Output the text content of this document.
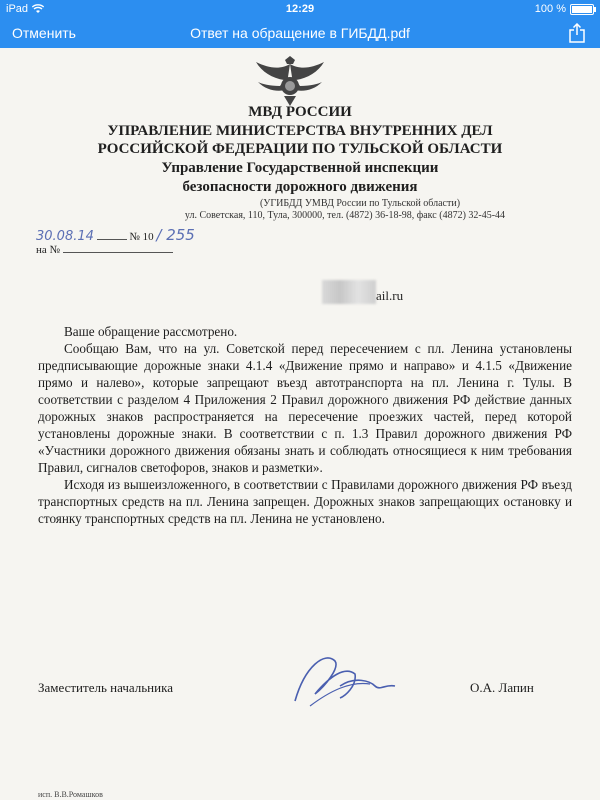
iPad	12:29	100 %
Отменить	Ответ на обращение в ГИБДД.pdf
МВД РОССИИ
УПРАВЛЕНИЕ МИНИСТЕРСТВА ВНУТРЕННИХ ДЕЛ
РОССИЙСКОЙ ФЕДЕРАЦИИ ПО ТУЛЬСКОЙ ОБЛАСТИ
Управление Государственной инспекции
безопасности дорожного движения
(УГИБДД УМВД России по Тульской области)
ул. Советская, 110, Тула, 300000, тел. (4872) 36-18-98, факс (4872) 32-45-44
30.08.14	№ 10 / 255
на №
ail.ru

Ваше обращение рассмотрено.

Сообщаю Вам, что на ул. Советской перед пересечением с пл. Ленина установлены предписывающие дорожные знаки 4.1.4 «Движение прямо и направо» и 4.1.5 «Движение прямо и налево», которые запрещают въезд автотранспорта на пл. Ленина г. Тулы. В соответствии с разделом 4 Приложения 2 Правил дорожного движения РФ действие данных дорожных знаков распространяется на пересечение проезжих частей, перед которой установлены дорожные знаки. В соответствии с п. 1.3 Правил дорожного движения РФ «Участники дорожного движения обязаны знать и соблюдать относящиеся к ним требования Правил, сигналов светофоров, знаков и разметки».

Исходя из вышеизложенного, в соответствии с Правилами дорожного движения РФ въезд транспортных средств на пл. Ленина запрещен. Дорожных знаков запрещающих остановку и стоянку транспортных средств на пл. Ленина не установлено.

Заместитель начальника	О.А. Лапин
исп. В.В.Ромашков
